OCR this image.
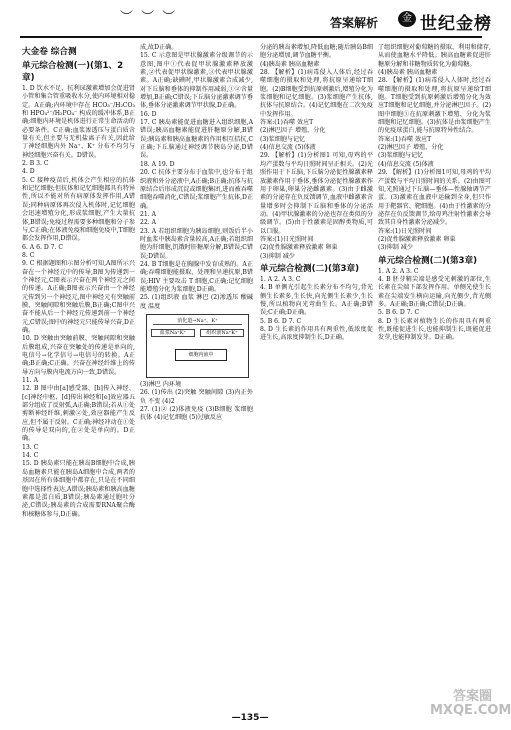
︶ ︶ ︶	答案解析	金 世纪金榜
大金卷 综合测
单元综合检测(一)(第1、2章)

1. D 饮水不足、抗利尿激素增加会促进肾小管和集合管重吸收水分,使内环境相对稳定。A正确;内环境中存在 HCO₃⁻/H₂CO₃ 和 HPO₄²⁻/H₂PO₄⁻ 构成的缓冲体系,B正确;细胞内环境是机体进行正常生命活动的必要条件。C正确;血浆渗透压与蛋白质含量有关,但主要与无机盐离子有关,因此给丁神经细胞内外 Na⁺、K⁺ 分布不均匀与神经细胞兴奋有关。D错误。

2. B 3. C

4. D

5. C 接种疫苗后,机体会产生相应的抗体和记忆细胞;但抗体和记忆细胞都具有特异性,所以不能对所有病原体发挥作用,A错误;同种病原体再次侵入机体时,记忆细胞会迅速增殖分化,形成浆细胞,产生大量抗体,B错误;免疫过程需要多种细胞和分子参与,C正确;在体液免疫和细胞免疫中,T细胞都会发挥作用,D错误。

6. A 6. D 7. C

8. C

9. C 根据题图和示图分析可知,A图所示兴奋在一个神经元中的传导,B图为传递到一个神经元,C图表示兴奋在两个神经元之间的传递。A正确;B图表示兴奋由一个神经元传到另一个神经元,图中神经元有突触前膜、突触间隙和突触后膜,B正确;C图中兴奋不能从后一个神经元传递到前一个神经元,C错误;图中的神经元只能传导兴奋,D正确。

10. D 突触由突触前膜、突触间隙和突触后膜组成,兴奋在突触处的传递是单向的,电信号→化学信号→电信号的转换。A正确;B正确;C正确。兴奋在神经纤维上的传导方向与膜内电流方向一致,D错误。

11. A

12. B 图中由[a]感受器、[b]传入神经、[c]神经中枢、[d]传出神经和[e]效应器五部分组成了反射弧,A正确;B错误;若从①处剪断神经纤维,刺激②处,效应器能产生反应,但不属于反射。C正确;神经冲动在①处的传导是双向的,在②处是单向的。D正确。

13. C

14. C

15. D 胰岛素只能在胰岛B细胞中合成,胰岛血糖素只能在胰岛A细胞中合成,两者的基因在所有体细胞中都存在,只是在不同细胞中选择性表达,A错误;胰岛素和胰高血糖素都是蛋白质,B错误;胰岛素通过胞吐分泌,C错误;胰岛素的合成需要RNA聚合酶和核糖体参与,D正确。

成,故D正确。

15. C 示意图是甲状腺激素分级调节的示意图,图中①代表促甲状腺激素释放激素,②代表促甲状腺激素,③代表甲状腺激素。A正确;缺碘时,甲状腺激素合成减少,对下丘脑和垂体的抑制作用减弱,①②含量增加,B正确;C错误;下丘脑分泌激素调节垂体,垂体分泌激素调节甲状腺,D正确。

16. D

17. C 胰岛素能促进血糖进入组织细胞,A错误;胰高血糖素能促进肝糖原分解,B错误;胰岛素和胰高血糖素的作用相互拮抗,C正确;下丘脑通过神经调节胰岛分泌,D错误。

18. A 19. D

20. C 抗体主要分布于血浆中,也分布于组织液和外分泌液中,A正确;B正确;抗体与抗原结合后形成沉淀或细胞集团,进而被吞噬细胞吞噬消化,C错误;浆细胞产生抗体,D正确。

21. A

22. A

23. A 若组织细胞为胰岛细胞,则饭后半小时血浆中胰岛素含量较高,A正确;若组织细胞为肝细胞,饥饿时肝糖原分解,B错误;C错误;D错误。

24. B T细胞是在胸腺中发育成熟的。A正确;吞噬细胞能摄取、处理和呈递抗原,B错误;HIV 主要攻击 T 细胞,C正确;记忆细胞能增殖分化为浆细胞,D正确。

25. (1)组织液 血浆 淋巴 (2)渗透压 酸碱度 温度

消化道→Na⁺、K⁺
血浆Na⁺K⁺	组织液Na⁺K⁺
细胞内液中

(3)淋巴 内环境

26. (1)传出 (2)突触 突触间隙 (3)内正外负 不变 (4)2

27. (1)② (2)体液免疫 (3)B细胞 浆细胞 抗体 (4)记忆细胞 (5)过敏反应

分泌的胰岛素增加,降低血糖;随后胰岛B细胞分泌增加,调节血糖平衡。

(4)胰岛素 胰高血糖素

28. 【解析】(1)病毒侵入人体后,经过吞噬细胞的摄取和处理,将抗原呈递给T细胞。(2)B细胞受到抗原刺激后,增殖分化为浆细胞和记忆细胞。(3)浆细胞产生抗体,抗体与抗原结合。(4)记忆细胞在二次免疫中发挥作用。

答案:(1)吞噬 效应T

(2)淋巴因子 增殖、分化

(3)浆细胞与记忆

(4)信息交流 (5)体液

29. 【解析】(1)分析图1 可知,母鸡的平均产蛋数与平均日照时间呈正相关。(2)光照作用于下丘脑,下丘脑分泌促性腺激素释放激素作用于垂体,垂体分泌促性腺激素作用于卵巢,卵巢分泌雌激素。(3)由于雌激素的分泌存在负反馈调节,血液中雌激素含量增多时会抑制下丘脑和垂体的分泌活动。(4)甲状腺激素的分泌也存在类似的分级调节。(5)由于性激素是固醇类物质,可以口服。

答案:(1)日光照时间

(2)促性腺激素释放激素 卵巢

(3)抑制 减少

单元综合检测(二)(第3章)

1. A 2. A 3. C

4. B 单侧光引起生长素分布不均匀,背光侧生长素多,生长快,向光侧生长素少,生长慢,所以植物向光弯曲生长。A正确;B错误;C正确;D正确。

5. B 6. D 7. C

8. D 生长素的作用具有两重性,低浓度促进生长,高浓度抑制生长,D正确。

了组织细胞对葡萄糖的摄取、利用和储存,从而使血糖水平降低。胰高血糖素促进肝糖原分解和非糖物质转化为葡萄糖。

(4)胰岛素 胰高血糖素

28. 【解析】(1)病毒侵入人体时,经过吞噬细胞的摄取和处理,将抗原呈递给T细胞。T细胞受到抗原刺激后增殖分化为效应T细胞和记忆细胞,并分泌淋巴因子。(2)图中细胞①在抗原刺激下增殖、分化为浆细胞和记忆细胞。(3)抗体是由浆细胞产生的免疫球蛋白,能与抗原特异性结合。

答案:(1)吞噬 效应T

(2)淋巴因子 增殖、分化

(3)浆细胞与记忆

(4)信息交流 (5)体液

29. 【解析】(1)分析图1可知,母鸡的平均产蛋数与平均日照时间的关系。(2)由图可知,光照通过下丘脑—垂体—性腺轴调节产蛋。(3)激素在血液中运输到全身,但只作用于靶器官、靶细胞。(4)由于性激素的分泌存在负反馈调节,给母鸡注射性激素会导致其自身性激素分泌减少。

答案:(1)日光照时间

(2)促性腺激素释放激素 卵巢

(3)抑制 减少

单元综合检测(二)(第3章)

1. A 2. A 3. C

4. B 胚芽鞘尖端是感受光刺激的部位,生长素在尖端下部发挥作用。单侧光使生长素在尖端发生横向运输,向光侧少,背光侧多。A正确;B正确;C错误;D正确。

5. B 6. D 7. C

8. D 生长素对植物生长的作用具有两重性,既能促进生长,也能抑制生长,既能促进发芽,也能抑制发芽。D正确。

—135—
答案圈 MXQE.COM
